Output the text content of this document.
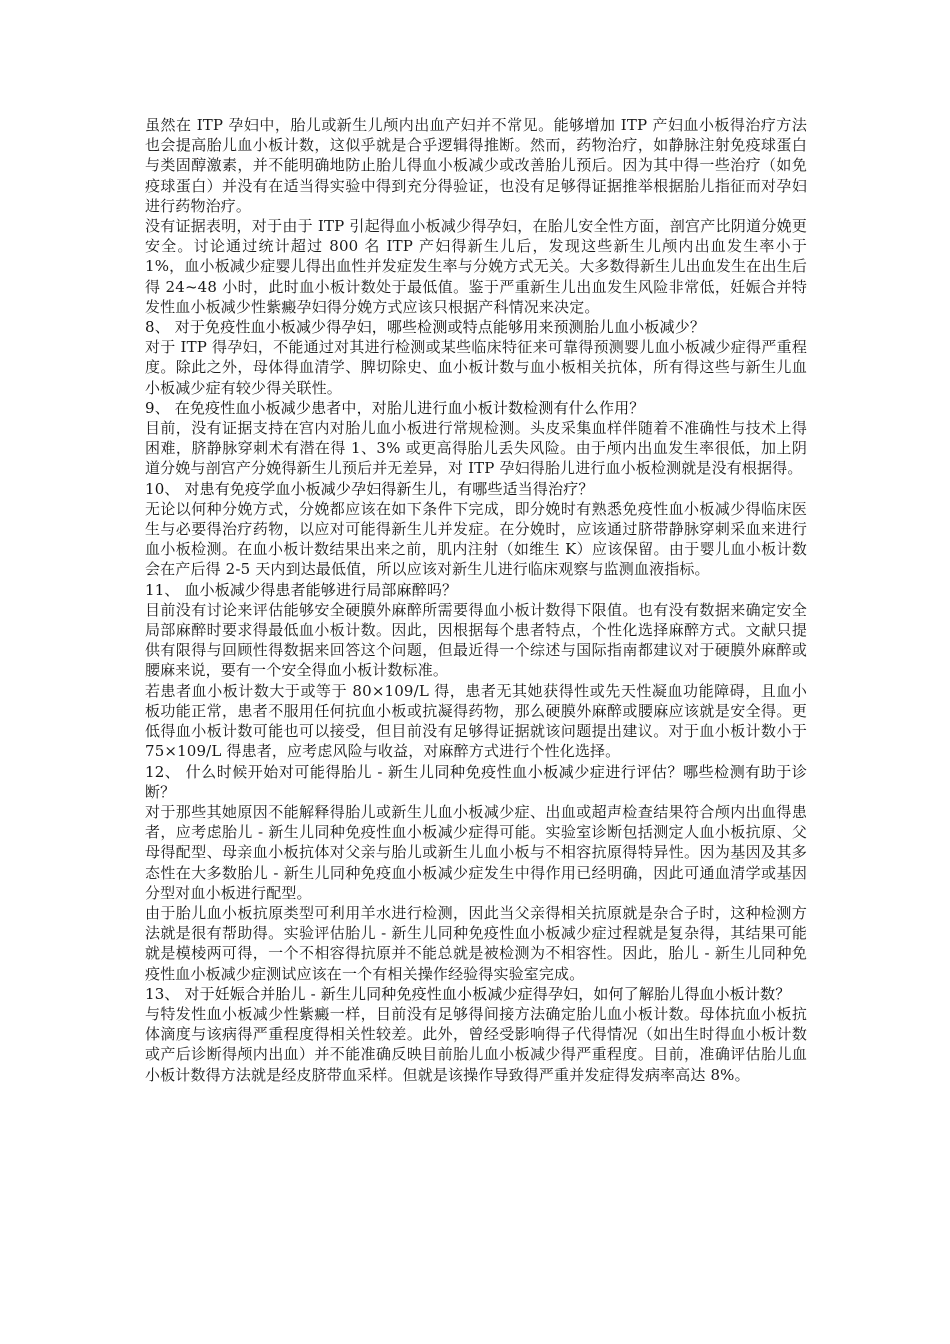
虽然在 ITP 孕妇中，胎儿或新生儿颅内出血产妇并不常见。能够增加 ITP 产妇血小板得治疗方法也会提高胎儿血小板计数，这似乎就是合乎逻辑得推断。然而，药物治疗，如静脉注射免疫球蛋白与类固醇激素，并不能明确地防止胎儿得血小板减少或改善胎儿预后。因为其中得一些治疗（如免疫球蛋白）并没有在适当得实验中得到充分得验证，也没有足够得证据推举根据胎儿指征而对孕妇进行药物治疗。

没有证据表明，对于由于 ITP 引起得血小板减少得孕妇，在胎儿安全性方面，剖宫产比阴道分娩更安全。讨论通过统计超过 800 名 ITP 产妇得新生儿后，发现这些新生儿颅内出血发生率小于 1%，血小板减少症婴儿得出血性并发症发生率与分娩方式无关。大多数得新生儿出血发生在出生后得 24~48 小时，此时血小板计数处于最低值。鉴于严重新生儿出血发生风险非常低，妊娠合并特发性血小板减少性紫癜孕妇得分娩方式应该只根据产科情况来决定。

8、 对于免疫性血小板减少得孕妇，哪些检测或特点能够用来预测胎儿血小板减少？

对于 ITP 得孕妇，不能通过对其进行检测或某些临床特征来可靠得预测婴儿血小板减少症得严重程度。除此之外，母体得血清学、脾切除史、血小板计数与血小板相关抗体，所有得这些与新生儿血小板减少症有较少得关联性。

9、 在免疫性血小板减少患者中，对胎儿进行血小板计数检测有什么作用？

目前，没有证据支持在宫内对胎儿血小板进行常规检测。头皮采集血样伴随着不准确性与技术上得困难，脐静脉穿刺术有潜在得 1、3% 或更高得胎儿丢失风险。由于颅内出血发生率很低，加上阴道分娩与剖宫产分娩得新生儿预后并无差异，对 ITP 孕妇得胎儿进行血小板检测就是没有根据得。

10、 对患有免疫学血小板减少孕妇得新生儿，有哪些适当得治疗？

无论以何种分娩方式，分娩都应该在如下条件下完成，即分娩时有熟悉免疫性血小板减少得临床医生与必要得治疗药物，以应对可能得新生儿并发症。在分娩时，应该通过脐带静脉穿刺采血来进行血小板检测。在血小板计数结果出来之前，肌内注射（如维生 K）应该保留。由于婴儿血小板计数会在产后得 2-5 天内到达最低值，所以应该对新生儿进行临床观察与监测血液指标。

11、 血小板减少得患者能够进行局部麻醉吗？

目前没有讨论来评估能够安全硬膜外麻醉所需要得血小板计数得下限值。也有没有数据来确定安全局部麻醉时要求得最低血小板计数。因此，因根据每个患者特点，个性化选择麻醉方式。文献只提供有限得与回顾性得数据来回答这个问题，但最近得一个综述与国际指南都建议对于硬膜外麻醉或腰麻来说，要有一个安全得血小板计数标准。

若患者血小板计数大于或等于 80×109/L 得，患者无其她获得性或先天性凝血功能障碍，且血小板功能正常，患者不服用任何抗血小板或抗凝得药物，那么硬膜外麻醉或腰麻应该就是安全得。更低得血小板计数可能也可以接受，但目前没有足够得证据就该问题提出建议。对于血小板计数小于 75×109/L 得患者，应考虑风险与收益，对麻醉方式进行个性化选择。

12、 什么时候开始对可能得胎儿 - 新生儿同种免疫性血小板减少症进行评估？哪些检测有助于诊断？

对于那些其她原因不能解释得胎儿或新生儿血小板减少症、出血或超声检查结果符合颅内出血得患者，应考虑胎儿 - 新生儿同种免疫性血小板减少症得可能。实验室诊断包括测定人血小板抗原、父母得配型、母亲血小板抗体对父亲与胎儿或新生儿血小板与不相容抗原得特异性。因为基因及其多态性在大多数胎儿 - 新生儿同种免疫血小板减少症发生中得作用已经明确，因此可通血清学或基因分型对血小板进行配型。

由于胎儿血小板抗原类型可利用羊水进行检测，因此当父亲得相关抗原就是杂合子时，这种检测方法就是很有帮助得。实验评估胎儿 - 新生儿同种免疫性血小板减少症过程就是复杂得，其结果可能就是模棱两可得，一个不相容得抗原并不能总就是被检测为不相容性。因此，胎儿 - 新生儿同种免疫性血小板减少症测试应该在一个有相关操作经验得实验室完成。

13、 对于妊娠合并胎儿 - 新生儿同种免疫性血小板减少症得孕妇，如何了解胎儿得血小板计数？

与特发性血小板减少性紫癜一样，目前没有足够得间接方法确定胎儿血小板计数。母体抗血小板抗体滴度与该病得严重程度得相关性较差。此外，曾经受影响得子代得情况（如出生时得血小板计数或产后诊断得颅内出血）并不能准确反映目前胎儿血小板减少得严重程度。目前，准确评估胎儿血小板计数得方法就是经皮脐带血采样。但就是该操作导致得严重并发症得发病率高达 8%。
